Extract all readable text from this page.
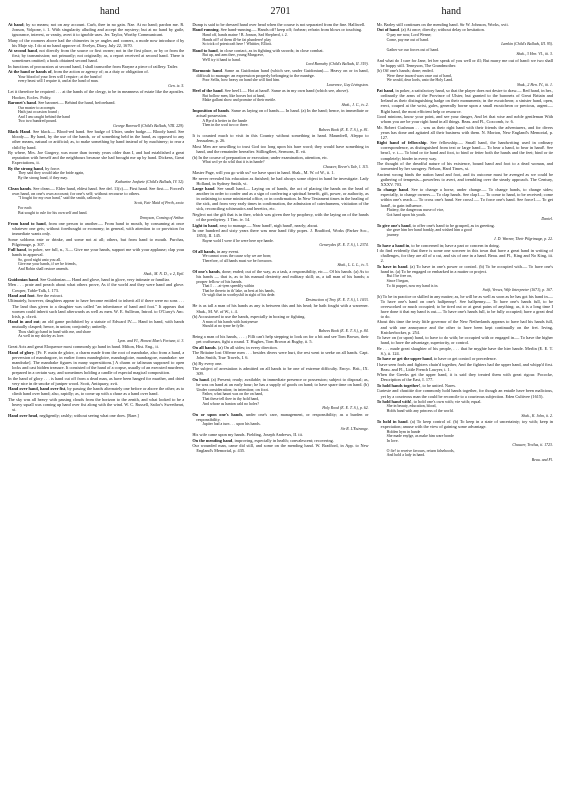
hand	2701	hand

At hand; by so means; not on any account. Curb, thee in no gain. Nae. At no hand; pardon me. R. Jonson, Volpone, i. 1. With singularity alluding and accept the mystery; but at no hand by guile, ignorance, interest, or vanity, avert it to ignoble uses. Jer. Taylor, Worthy Communicant.

Many of the roomers above had the chimeries in ye angles and corners, a mode now introduce d by his Maje sty. I do at no hand approve of. Evelyn, Diary, July 22, 1670.

At second hand, not directly from the source or first owner; not in the first place, or by or from the first; by transmission; not primarily; not originally; as, a report received at second hand. There is sometimes omitted; a book obtained second hand.

In functions of procurators at second hand, I shall transcribe from Brayne a piece of raillery. Tatler.

At the hand or hands of, from the action or agency of; as a duty or obligation of.

Your blood of your lives will I require ; at the hand of
every beast will I require it, and at the hand of man.
Gen. ix. 5.

Let it therefore be required . . . at the hands of the clergy, to be in meanness of estate like the apostles. Hooker, Eccles. Polity.

Baronet's hand. See baronet.— Behind the hand, beforehand.

Our master to accompts
Hath just occasion found ;
And I am caught behind the hand
Two two hundred pound.
George Barnwell (Child's Ballads, VIII. 229).

Black Hand. See black.— Blood-red hand. See badge of Ulster, under badge.— Bloody hand. See bloody.— By hand, by the use of the hands, or of something held in the hand, as opposed to any other means, natural or artificial; as, to make something by hand instead of by machinery; to rear a child by hand.

By where, Mrs. Joe Gargery, was more than twenty years older than I, and had established a great reputation with herself and the neighbours because she had brought me up by hand. Dickens, Great Expectations, ii.

By the strong hand, by force.

They said they would take the bride again,
By the strong hand, if they may.
Katharine Janfarie (Child's Ballads, IV. 32).

Clean hands. See clean.— Elder hand, eldest hand. See def. 11(c).— First hand. See first.— Forced's own hand, on one's own account; for one's self; without recourse to others.

"I fought for my own hand," said the smith, callously.
Scott, Fair Maid of Perth, xxxiv.
For each
But sought to rule for his own self and hand.
Tennyson, Coming of Arthur.

From hand to hand, from one person to another.— From hand to mouth, by consuming at once whatever one gets; without forethought or economy; in general, with attention to or provision for immediate wants only.

Some soldoms eate or drinke, and some not at all; others, but from hand to mouth. Purchas, Pilgrimage, p. 307.

Full hand, in poker, see full, n., 3.— Give me your hands, support me with your applause; clap your hands in approval.

So, good night unto you all.
Give me your hands, if we be friends,
And Robin shall restore amends.
Shak., M. N. D., v. 2, Epil.

Guidonian hand. See Guidonian.— Hand and glove, hand in glove, very intimate or familiar.

Men . . . prate and preach about what others prove, As if the world and they were hand and glove. Cowper, Table-Talk, l. 173.

Hand and foot. See the extract.

Ultimately, however, daughters appear to have become entitled to inherit all if there were no sons . . . The land thus given to a daughter was called "an inheritance of hand and foot." It appears that women could inherit such land afterwards as well as men. W. E. Sullivan, Introd. to O'Curry's Anc. Irish, p. clxvii.

Hand in and out; an old game prohibited by a statute of Edward IV.— Hand in hand, with hands mutually clasped; hence, in union; conjointly; unitedly.

Thou shalt go hand in hand with me, and share
As well in my shirley as love.
Lyon. and Fl., Honest Man's Fortune, ii. 3.

Great Acts and great Eloquence most commonly go hand in hand. Milton, Hist. Eng., ii.

Hand of glory. [Fr. F. main de gloire, a charm made from the root of mandrake, also from a hand, a perversion of mandragore, in earlier forms mandegloire, mandragloire, mandragore, mandrake: see mandrake]. The mandrake figures in many superstitions.] A charm or talisman supposed to open locks and cast hidden treasure. It consisted of the hand of a corpse, usually of an executed murderer, prepared in a certain way, and sometimes holding a candle of especial magical composition.

In the hand of glory . . . is hand cut off from a dead man, as have been hanged for murther, and dried very nice in de smoke of juniper wood. Scott, Antiquary, xvii.

Hand over hand, hand over fist, by passing the hands alternately one before or above the other; as to climb hand over hand; also, rapidly; as, to come up with a chase as a hand over hand.

The sky was all heavy with passing clouds from the horizon to the zenith, and what looked to be a heavy squall was coming up hand over fist along with the wind. W. C. Russell, Sailor's Sweetheart, xi.

Hand over head, negligently; rashly; without seeing what one does. [Rare.]

Dump is said to be dressed hand over head when the course is not separated from the fine. Halliwell.

Hand running. See hand-running.— Hands off! keep off; forbear; refrain from blows or touching.

Hand off, hands maine ! B. Jonson, Sad Shepherd, i. 2.
Hands off! of them ill-be fat plunderer! play
So trick of priestcraft here ! Whittier, Elliott.

Hand to hand, in close contact, as in fighting with swords; in close combat.

But up, and arm thee, young Musgrave,
We'll try it hand to hand.
Lord Barnaby (Child's Ballads, II. 319).

Harmonic hand. Same as Guidonian hand (which see, under Guidonian).— Heavy on or in hand, difficult to manage: an expression properly belonging to the manège.

Poor Sellis, how heavy on hand she will find him.
Lawrence, Guy Livingston.

Heel of the hand. See heel1.— Hot at hand!. Same as in my own hand (which see, above).

But hollow men, like horses hot at hand,
Make gallant show and promise of their mettle.
Shak., J. C., iv. 2.

Imposition of hands. Same as laying on of hands.— In hand. (a) In the hand; hence, in immediate or actual possession.

A Byrd is better in the hande
Then in the wod two or three.
Babees Book (E. E. T. S.), p. 81.

It is counted much to visit in this Country without something in hand. Maundrell, Aleppo to Jerusalem, p. 26.

Most Men are unwilling to trust God too long upon his bare word; they would have something in hand, and the remainder hereafter. Stillingfleet, Sermons, II. vii.

(b) In the course of preparation or execution; under examination, attention, etc.

What wol ye do whil that it is in hande?
Chaucer, Reeve's Tale, l. 115.

Master Page, will you go with us? we have sport in hand. Shak., M. W. of W., ii. 1.

He never revealed his education as finished; he had always some object in hand he investigate. Lady Holland, in Sydney Smith, vi.

Large hand. See small hand.— Laying on of hands, the act of placing the hands on the head of another in order to confer and as a sign of conferring a spiritual benefit, gift, power, or authority, as in ordaining to some ministerial office, or in confirmation. In New Testament times in the healing of the sick, and from very early times in confirmation, the admission of catechumens, visitation of the sick, reconciling schismatics and heretics, etc.

Neglect not the gift that is in thee, which was given thee by prophecy, with the laying on of the hands of the presbytery. 1 Tim. iv. 14.

Light in hand, easy to manage.— Near hand!, nigh hand!, nearly; about.

In one hundred and sixty years there was near hand fifty popes. J. Bradford, Works (Parker Soc., 1853), II. 145.

Rayne wold I were if he were here nye hande.
Generydes (E. E. T. S.), l. 2374.

Of all hands, in any event.

We cannot cross the cause why we are born;
Therefore, of all hands must we be forsworn.
Shak., L. L. L., iv. 3.

Of one's hands, done; ended; out of the way, as a task, a responsibility, etc.— Of his hands. (a) As to his hands — that is, as to his manual dexterity and military skill; as, a tall man of his hands; a proper fellow of his hands.

That I . . . at-tyen speedily within
That he thereto in th' lake, as best at his hands,
Or wiglt that in worthyshil in sight of his dede.
Destruction of Troy (E. E. T. S.), l. 1033.

He is as tall a man of his hands as any is between this and his head; he hath fought with a warrener. Shak., M. W. of W., i. 4.

(b) Accustomed to use the hands, especially in boxing or fighting.

A man of his hands with hastynesse
Should at no tyme be fylle.
Babees Book (E. E. T. S.), p. 84.

Being a man of his hands, . . . ; Fillt can't help stepping to look on for a bit and see Tom Brown, their pet craftsman, fight a round. T. Hughes, Tom Brown at Rugby, ii. 5.

On all hands. (a) On all sides; in every direction.

The Britaine lost Offerne men . . . besides divers were hurt, the rest went to seeke on all hands. Capt. John Smith, True Travels, I. 6.

(b) By every one.

The subject of arrestation is admitted on all hands to be one of extreme difficulty. Encyc. Brit., IX. 309.

On hand. (a) Present; ready; available; in immediate presence or possession; subject to disposal; as, he was on hand at an early hour; he has a supply of goods on hand; to have spare time on hand. (b) Under consideration; in intention; on foot.

Father, what haunt was on the on hand,
That these tell thee in thy hold hand,
And whose as hanton cald no holes?
Holy Rood (E. E. T. S.), p. 62.

On or upon one's hands, under one's care, management, or responsibility; as a burden or responsibility.

Jupiter had a turn . . . upon his hands.
Sir R. L'Estrange.

His wife came upon my hands. Fielding, Joseph Andrews, II. iii.

On the mending hand, improving, especially in health; convalescent; recovering.

Our wounded man, came did still, and some on the mending hand. W. Bradford, in App. to New England's Memorial, p. 435.

Mr. Barley still continues on the mending hand. Sir W. Johnson, Works, xvii.

Out of hand. (a) At once; directly; without delay or hesitation.

O pay me now, Lord Wenne;
Come, pay me out of hand.
Lamkin (Child's Ballads, III. 95).
Gather we our forces out of hand.
Shak., 3 Hen. VI., iii. 3.

And what do I care for Jane, let her speak of you well or ill; But marry me out of hand: we two shall be happy still. Tennyson, The Grandmother.

(b) Off one's hands; done; ended.

Were these inward wars once out of hand,
We would, dear lords, unto the Holy Land.
Shak., 2 Hen. IV., iii. 1.

Pat hand, in poker, a satisfactory hand, so that the player does not desire to draw.— Red hand, in her., ordinarily the arms of the Province of Ulster, but granted to the baronets of Great Britain and Ireland as their distinguishing badge on their monuments; in the escutcheon; a sinister hand, open, erect, couped at the wrist, gules, generally borne upon a small escutcheon or precious, argent.— Right hand, the most efficient help or resource.

Good minions, know your point, and see your danger, And let that wise and noble gentleman With whom you are be your right hand in all things. Beau. and Fl., Coxcomb, iv. 6.

Mr. Robert Cushman . . . was as their right hand with their friends the adventurers, and for divers years has done and agitated all their business with them. N. Morton, New England's Memorial, p. 127.

Right hand of fellowship. See fellowship.— Small hand, the handwriting used in ordinary correspondence, as distinguished from text or large hand.— To bear a hand, to bear in hand!. See bear1, v. t.— To bind or tie hand and foot, to bind or fetter both the hands and the feet; bind or tie completely; hinder in every way.

The thought of the dreadful nature of his existence, bound hand and foot to a dead woman, and tormented by her savagery. Nelson, Hard Times, xi.

Ancient wrong binds the nation hand and foot, and its outcome must be avenged as we could be gathering of tempests—powerless to avert, and trembling over the steady approach. The Century, XXXV. 703.

To change hand. See to change a horse, under change.— To change hands, to change sides; especially, to change owners.— To clap hands. See clap1.— To come to hand, to be received; come within one's reach.— To cross one's hand. See cross1.— To force one's hand. See force1.— To get hand!, to gain influence.

Flattery, the dangerous nurse of vice,
Got hand upon his youth.
Daniel.

To give one's hand, to offer one's hand to be grasped, as in greeting.

she gave him her hand frankly, and wished him a good
journey.
J. D. Warner, Their Pilgrimage, p. 22.

To have a hand in, to be concerned in; have a part or concern in doing.

I do find evidently that there is some one sorcerer in this town that have a great hand in writing of challenges, for they are all of a cut, and six of one in a hand. Beau. and Fl., King and No King, iii. 2.

To have in hand. (a) To have in one's power or control. (b) To be occupied with.— To have one's hand in. (a) To be engaged or embarked in a matter or project.

But I be free on,
Since I began,
To fit puppet, now my hand is in.
Swift, Verses, Wife Interpreter (1671), p. 167.

(b) To be in practice or skilled in any matter; as, he will be as well as soon as he has got his hand in.— To have one's hand on one's halfpenny!. See halfpenny.— To have one's hands full, to be overworked or much occupied; to be tired out or at great pains of anything; as, it is a long time I have done it that my hand is out.— To have one's hands full, to be fully occupied; have a great deal to do.

About this time the testy little governor of the New Netherlands appears to have had his hands full, and with one annoyance and the other to have been kept continually on the fret. Irving, Knickerbocker, p. 254.

To have on (or upon) hand, to have to do with; be occupied with or engaged in.— To have the higher hand, to have the advantage, superiority, or control.

He . . . made great slaughter of his people, . . . that he myghte have the hier hande. Merlin (E. E. T. S.), ii. 124.

To have or get the upper hand, to have or get control or precedence.

I have seen fools and fighters chain'd together, And the fighters had the upper hand, and whipp'd first. Beau. and Fl., Little French Lawyer, i. 1.

When the Greeks get the upper hand, it is said they treated them with great rigour. Pococke, Description of the East, I. 177.

To hold hands together!, to be united. Nares.

Curtesie and chastitie doe commonly hold hands together, for though an entaile have been malicious, yet by a courteous man the could be reconcile to a courteous subjection. Eden Cultivee (1615).

To hold hand with!, to hold one's own with; vie with; equal.

She in beauty, education, blood,
Holds hand with any princess of the world.
Shak., K. John, ii. 2.

To hold in hand. (a) To keep control of. (b) To keep in a state of uncertainty; toy with; keep in expectation; amuse with the view of gaining some advantage.

Holden hym in hande
She made enylge, as make him ware bonde
In love.
Chaucer, Troilus, ii. 1723.
O fie! to receive favours, return falsehoods,
And hold a lady in hand.
Beau. and Fl.
